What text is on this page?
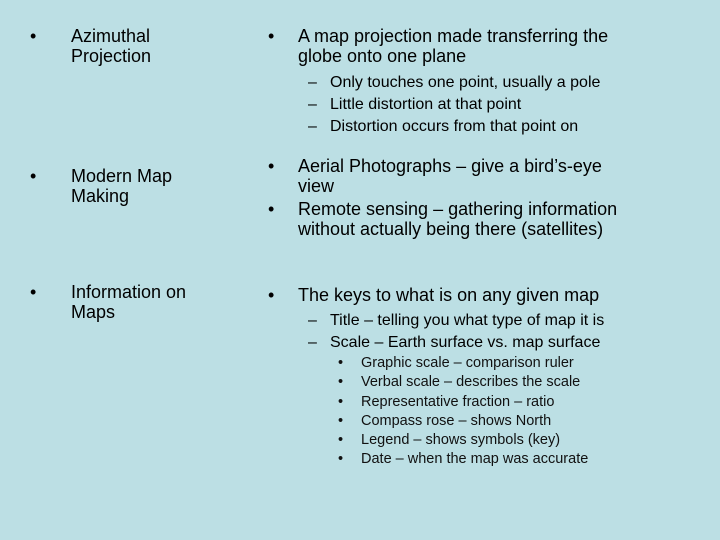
•	Azimuthal
Projection
• A map projection made transferring the
globe onto one plane
– Only touches one point, usually a pole
– Little distortion at that point
– Distortion occurs from that point on
•	Modern Map
Making
• Aerial Photographs – give a bird’s-eye
view
• Remote sensing – gathering information
without actually being there (satellites)
•	Information on
Maps
• The keys to what is on any given map
– Title – telling you what type of map it is
– Scale – Earth surface vs. map surface
• Graphic scale – comparison ruler
• Verbal scale – describes the scale
• Representative fraction – ratio
• Compass rose – shows North
• Legend – shows symbols (key)
• Date – when the map was accurate
